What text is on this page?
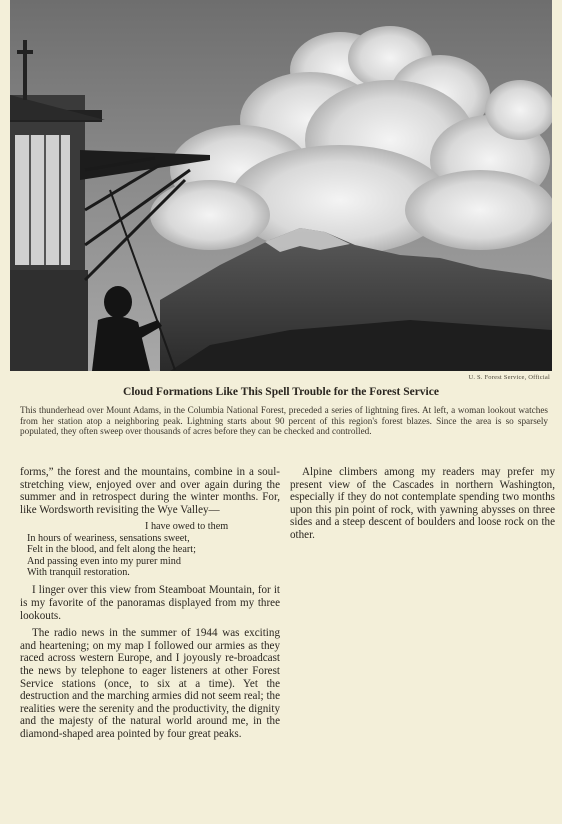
U. S. Forest Service, Official
Cloud Formations Like This Spell Trouble for the Forest Service
This thunderhead over Mount Adams, in the Columbia National Forest, preceded a series of lightning fires. At left, a woman lookout watches from her station atop a neighboring peak. Lightning starts about 90 percent of this region's forest blazes. Since the area is so sparsely populated, they often sweep over thousands of acres before they can be checked and controlled.

forms,” the forest and the mountains, combine in a soul-stretching view, enjoyed over and over again during the summer and in retrospect during the winter months. For, like Wordsworth revisiting the Wye Valley—

I have owed to them
In hours of weariness, sensations sweet,
Felt in the blood, and felt along the heart;
And passing even into my purer mind
With tranquil restoration.

I linger over this view from Steamboat Mountain, for it is my favorite of the panoramas displayed from my three lookouts.

The radio news in the summer of 1944 was exciting and heartening; on my map I followed our armies as they raced across western Europe, and I joyously re-broadcast the news by telephone to eager listeners at other Forest Service stations (once, to six at a time). Yet the destruction and the marching armies did not seem real; the realities were the serenity and the productivity, the dignity and the majesty of the natural world around me, in the diamond-shaped area pointed by four great peaks.

Alpine climbers among my readers may prefer my present view of the Cascades in northern Washington, especially if they do not contemplate spending two months upon this pin point of rock, with yawning abysses on three sides and a steep descent of boulders and loose rock on the other.
